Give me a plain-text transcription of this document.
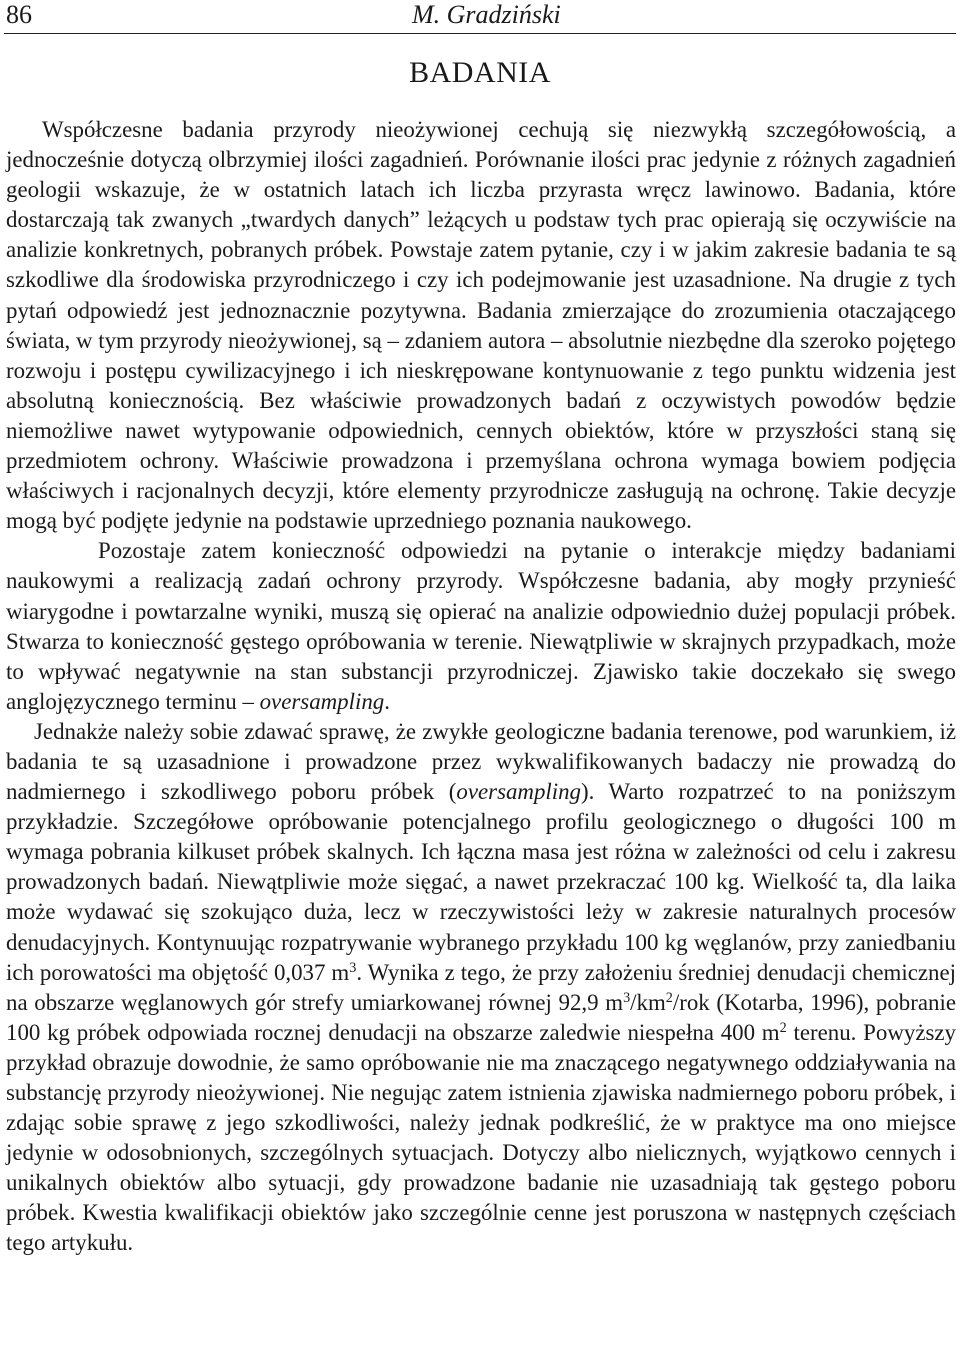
86	M. Gradziński
BADANIA

Współczesne badania przyrody nieożywionej cechują się niezwykłą szczegółowością, a jednocześnie dotyczą olbrzymiej ilości zagadnień. Porównanie ilości prac jedynie z różnych zagadnień geologii wskazuje, że w ostatnich latach ich liczba przyrasta wręcz lawinowo. Badania, które dostarczają tak zwanych „twardych danych” leżących u podstaw tych prac opierają się oczywiście na analizie konkretnych, pobranych próbek. Powstaje zatem pytanie, czy i w jakim zakresie badania te są szkodliwe dla środowiska przyrodniczego i czy ich podejmowanie jest uzasadnione. Na drugie z tych pytań odpowiedź jest jednoznacznie pozytywna. Badania zmierzające do zrozumienia otaczającego świata, w tym przyrody nieożywionej, są – zdaniem autora – absolutnie niezbędne dla szeroko pojętego rozwoju i postępu cywilizacyjnego i ich nieskrępowane kontynuowanie z tego punktu widzenia jest absolutną koniecznością. Bez właściwie prowadzonych badań z oczywistych powodów będzie niemożliwe nawet wytypowanie odpowiednich, cennych obiektów, które w przyszłości staną się przedmiotem ochrony. Właściwie prowadzona i przemyślana ochrona wymaga bowiem podjęcia właściwych i racjonalnych decyzji, które elementy przyrodnicze zasługują na ochronę. Takie decyzje mogą być podjęte jedynie na podstawie uprzedniego poznania naukowego.

Pozostaje zatem konieczność odpowiedzi na pytanie o interakcje między badaniami naukowymi a realizacją zadań ochrony przyrody. Współczesne badania, aby mogły przynieść wiarygodne i powtarzalne wyniki, muszą się opierać na analizie odpowiednio dużej populacji próbek. Stwarza to konieczność gęstego opróbowania w terenie. Niewątpliwie w skrajnych przypadkach, może to wpływać negatywnie na stan substancji przyrodniczej. Zjawisko takie doczekało się swego anglojęzycznego terminu – oversampling.

Jednakże należy sobie zdawać sprawę, że zwykłe geologiczne badania terenowe, pod warunkiem, iż badania te są uzasadnione i prowadzone przez wykwalifikowanych badaczy nie prowadzą do nadmiernego i szkodliwego poboru próbek (oversampling). Warto rozpatrzeć to na poniższym przykładzie. Szczegółowe opróbowanie potencjalnego profilu geologicznego o długości 100 m wymaga pobrania kilkuset próbek skalnych. Ich łączna masa jest różna w zależności od celu i zakresu prowadzonych badań. Niewątpliwie może sięgać, a nawet przekraczać 100 kg. Wielkość ta, dla laika może wydawać się szokująco duża, lecz w rzeczywistości leży w zakresie naturalnych procesów denudacyjnych. Kontynuując rozpatrywanie wybranego przykładu 100 kg węglanów, przy zaniedbaniu ich porowatości ma objętość 0,037 $m^3$. Wynika z tego, że przy założeniu średniej denudacji chemicznej na obszarze węglanowych gór strefy umiarkowanej równej 92,9 $m^3/km^2$/rok (Kotarba, 1996), pobranie 100 kg próbek odpowiada rocznej denudacji na obszarze zaledwie niespełna 400 $m^2$ terenu. Powyższy przykład obrazuje dowodnie, że samo opróbowanie nie ma znaczącego negatywnego oddziaływania na substancję przyrody nieożywionej. Nie negując zatem istnienia zjawiska nadmiernego poboru próbek, i zdając sobie sprawę z jego szkodliwości, należy jednak podkreślić, że w praktyce ma ono miejsce jedynie w odosobnionych, szczególnych sytuacjach. Dotyczy albo nielicznych, wyjątkowo cennych i unikalnych obiektów albo sytuacji, gdy prowadzone badanie nie uzasadniają tak gęstego poboru próbek. Kwestia kwalifikacji obiektów jako szczególnie cenne jest poruszona w następnych częściach tego artykułu.
